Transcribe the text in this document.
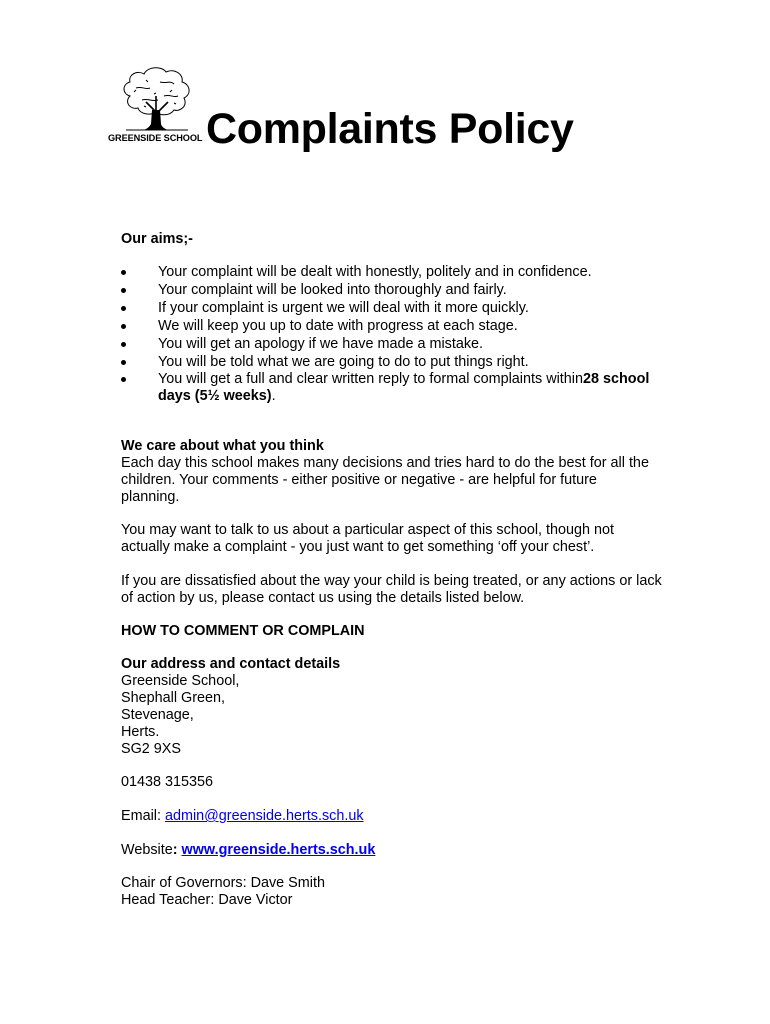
GREENSIDE SCHOOL Complaints Policy
Our aims;-
Your complaint will be dealt with honestly, politely and in confidence.
Your complaint will be looked into thoroughly and fairly.
If your complaint is urgent we will deal with it more quickly.
We will keep you up to date with progress at each stage.
You will get an apology if we have made a mistake.
You will be told what we are going to do to put things right.
You will get a full and clear written reply to formal complaints within28 school
days (5½ weeks).
We care about what you think
Each day this school makes many decisions and tries hard to do the best for all the
children. Your comments - either positive or negative - are helpful for future
planning.
You may want to talk to us about a particular aspect of this school, though not
actually make a complaint - you just want to get something ‘off your chest’.
If you are dissatisfied about the way your child is being treated, or any actions or lack
of action by us, please contact us using the details listed below.
HOW TO COMMENT OR COMPLAIN
Our address and contact details
Greenside School,
Shephall Green,
Stevenage,
Herts.
SG2 9XS
01438 315356
Email: admin@greenside.herts.sch.uk
Website: www.greenside.herts.sch.uk
Chair of Governors: Dave Smith
Head Teacher: Dave Victor
